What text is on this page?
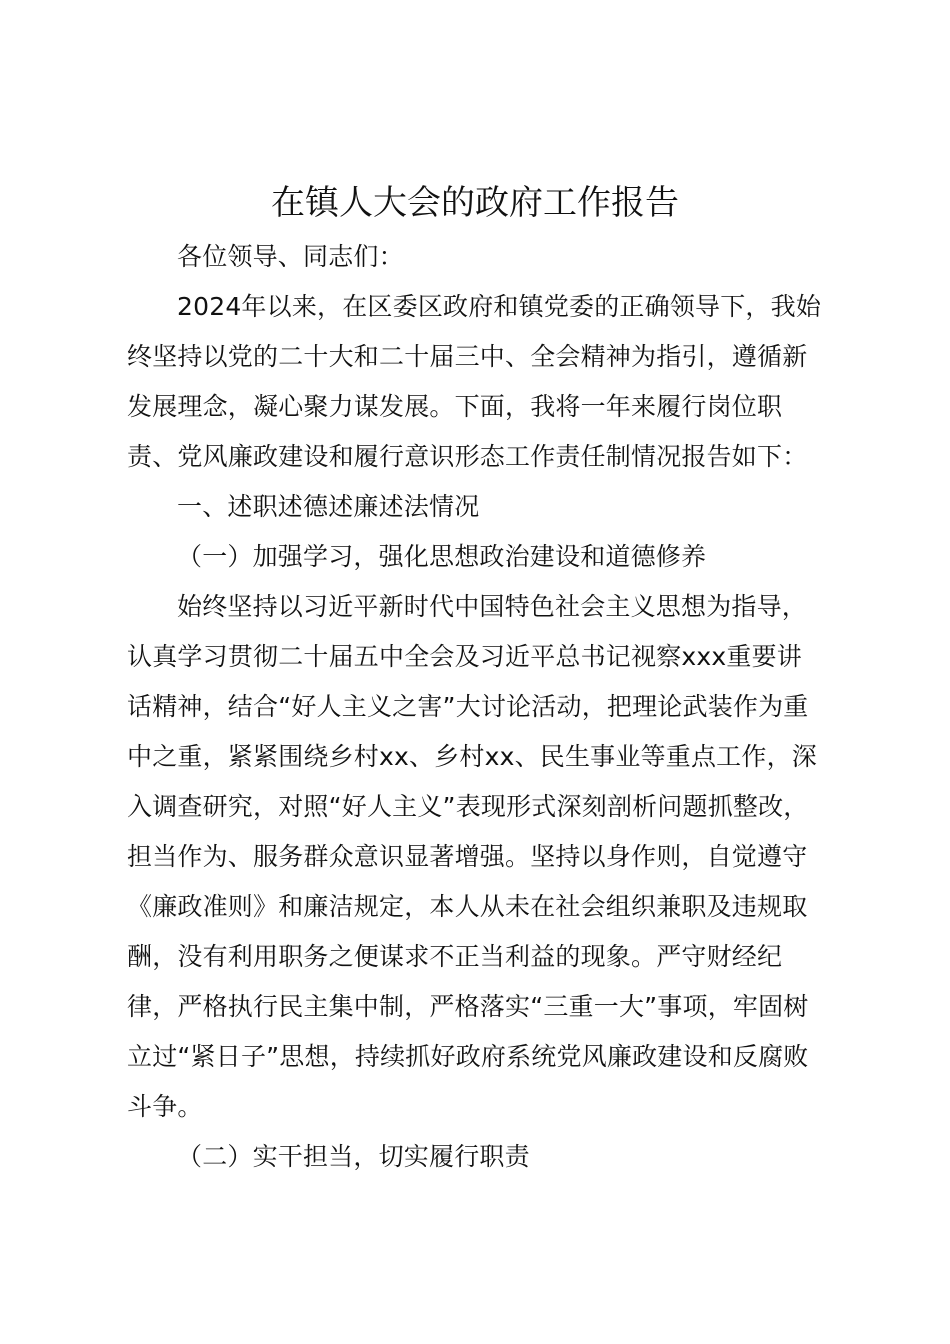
在镇人大会的政府工作报告

各位领导、同志们：

2024年以来，在区委区政府和镇党委的正确领导下，我始终坚持以党的二十大和二十届三中、全会精神为指引，遵循新发展理念，凝心聚力谋发展。下面，我将一年来履行岗位职责、党风廉政建设和履行意识形态工作责任制情况报告如下：

一、述职述德述廉述法情况

（一）加强学习，强化思想政治建设和道德修养

始终坚持以习近平新时代中国特色社会主义思想为指导，认真学习贯彻二十届五中全会及习近平总书记视察xxx重要讲话精神，结合“好人主义之害”大讨论活动，把理论武装作为重中之重，紧紧围绕乡村xx、乡村xx、民生事业等重点工作，深入调查研究，对照“好人主义”表现形式深刻剖析问题抓整改，担当作为、服务群众意识显著增强。坚持以身作则，自觉遵守《廉政准则》和廉洁规定，本人从未在社会组织兼职及违规取酬，没有利用职务之便谋求不正当利益的现象。严守财经纪律，严格执行民主集中制，严格落实“三重一大”事项，牢固树立过“紧日子”思想，持续抓好政府系统党风廉政建设和反腐败斗争。

（二）实干担当，切实履行职责
